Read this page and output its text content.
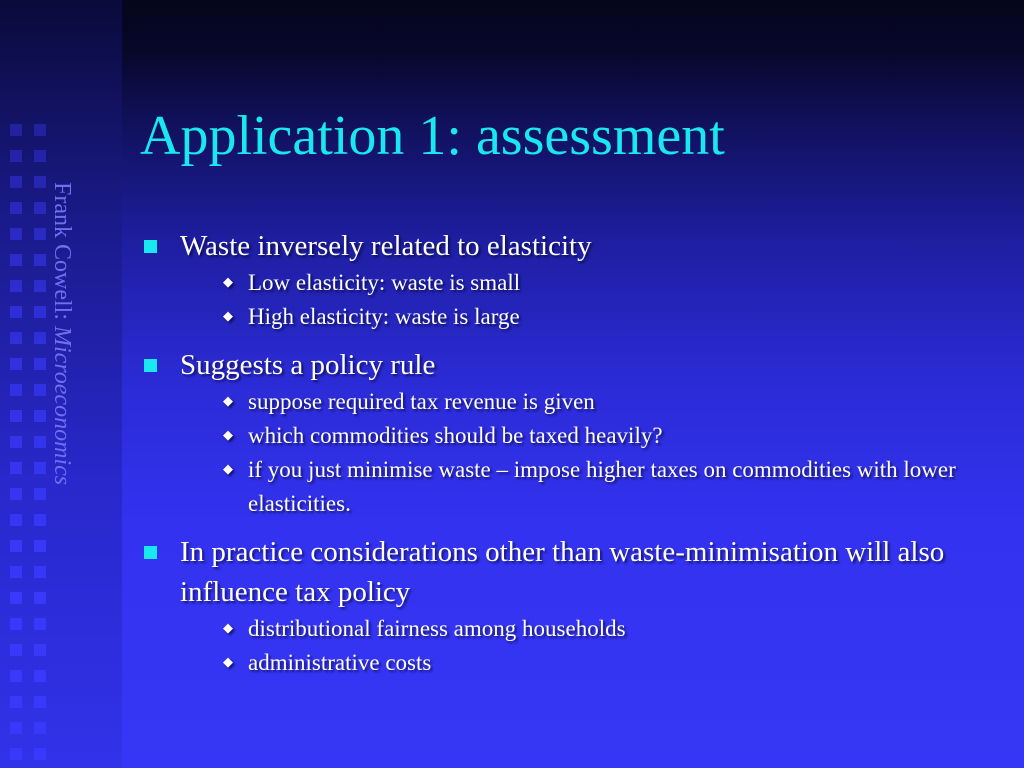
Frank Cowell: Microeconomics
Application 1: assessment
Waste inversely related to elasticity
◆ Low elasticity: waste is small
◆ High elasticity: waste is large
Suggests a policy rule
◆ suppose required tax revenue is given
◆ which commodities should be taxed heavily?
◆ if you just minimise waste – impose higher taxes on commodities with lower elasticities.
In practice considerations other than waste-minimisation will also influence tax policy
◆ distributional fairness among households
◆ administrative costs
